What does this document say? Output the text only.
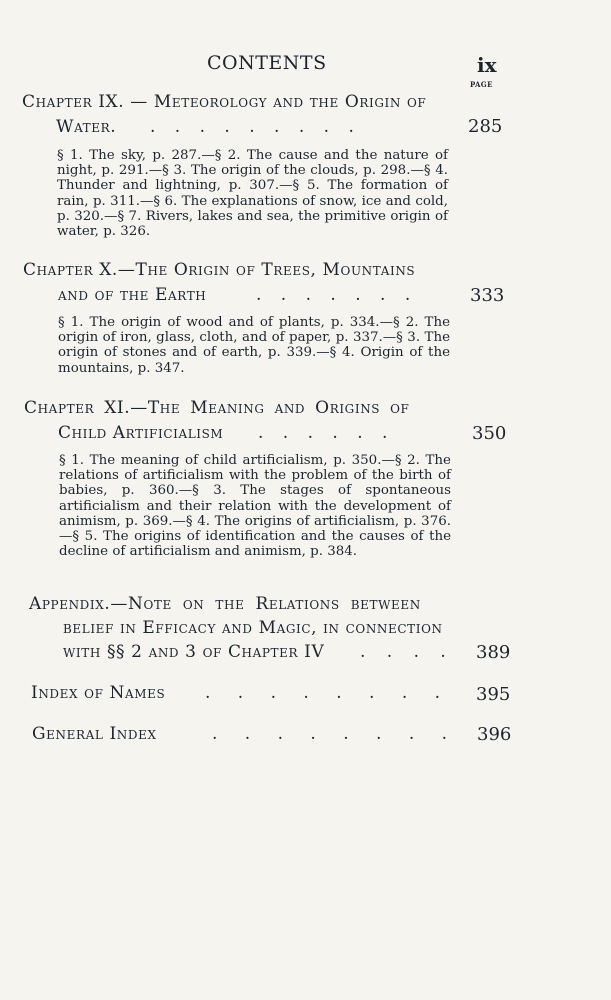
CONTENTS	ix
PAGE
Chapter IX. — Meteorology and the Origin of
Water. . . . . . . . . .	285
§ 1. The sky, p. 287.—§ 2. The cause and the nature of night, p. 291.—§ 3. The origin of the clouds, p. 298.—§ 4. Thunder and lightning, p. 307.—§ 5. The formation of rain, p. 311.—§ 6. The explanations of snow, ice and cold, p. 320.—§ 7. Rivers, lakes and sea, the primitive origin of water, p. 326.
Chapter X.—The Origin of Trees, Mountains
and of the Earth	. . . . . . .	333
§ 1. The origin of wood and of plants, p. 334.—§ 2. The origin of iron, glass, cloth, and of paper, p. 337.—§ 3. The origin of stones and of earth, p. 339.—§ 4. Origin of the mountains, p. 347.
Chapter XI.—The Meaning and Origins of
Child Artificialism . . . . . .	350
§ 1. The meaning of child artificialism, p. 350.—§ 2. The relations of artificialism with the problem of the birth of babies, p. 360.—§ 3. The stages of spontaneous artificialism and their relation with the development of animism, p. 369.—§ 4. The origins of artificialism, p. 376.—§ 5. The origins of identification and the causes of the decline of artificialism and animism, p. 384.
Appendix.—Note on the Relations between
belief in Efficacy and Magic, in connection
with §§ 2 and 3 of Chapter IV . . . . 389
Index of Names . . . . . . . . 395
General Index	. . . . . . . . 396
